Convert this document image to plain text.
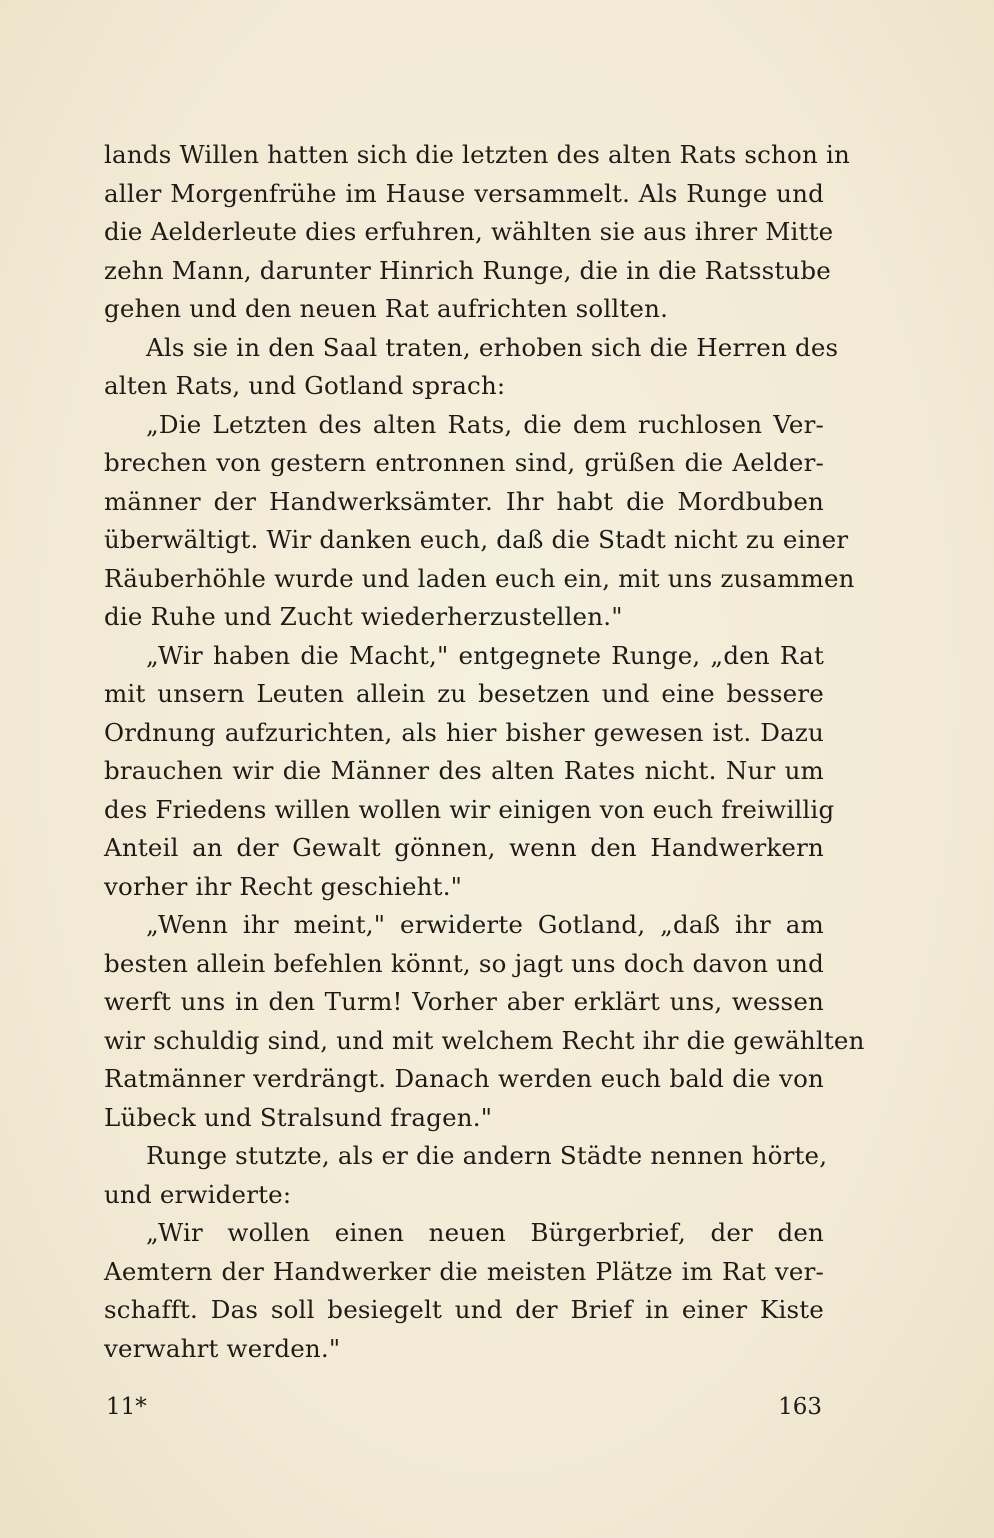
lands Willen hatten sich die letzten des alten Rats schon in
aller Morgenfrühe im Hause versammelt. Als Runge und
die Aelderleute dies erfuhren, wählten sie aus ihrer Mitte
zehn Mann, darunter Hinrich Runge, die in die Ratsstube
gehen und den neuen Rat aufrichten sollten.
Als sie in den Saal traten, erhoben sich die Herren des
alten Rats, und Gotland sprach:
„Die Letzten des alten Rats, die dem ruchlosen Ver-
brechen von gestern entronnen sind, grüßen die Aelder-
männer der Handwerksämter. Ihr habt die Mordbuben
überwältigt. Wir danken euch, daß die Stadt nicht zu einer
Räuberhöhle wurde und laden euch ein, mit uns zusammen
die Ruhe und Zucht wiederherzustellen."
„Wir haben die Macht," entgegnete Runge, „den Rat
mit unsern Leuten allein zu besetzen und eine bessere
Ordnung aufzurichten, als hier bisher gewesen ist. Dazu
brauchen wir die Männer des alten Rates nicht. Nur um
des Friedens willen wollen wir einigen von euch freiwillig
Anteil an der Gewalt gönnen, wenn den Handwerkern
vorher ihr Recht geschieht."
„Wenn ihr meint," erwiderte Gotland, „daß ihr am
besten allein befehlen könnt, so jagt uns doch davon und
werft uns in den Turm! Vorher aber erklärt uns, wessen
wir schuldig sind, und mit welchem Recht ihr die gewählten
Ratmänner verdrängt. Danach werden euch bald die von
Lübeck und Stralsund fragen."
Runge stutzte, als er die andern Städte nennen hörte,
und erwiderte:
„Wir wollen einen neuen Bürgerbrief, der den
Aemtern der Handwerker die meisten Plätze im Rat ver-
schafft. Das soll besiegelt und der Brief in einer Kiste
verwahrt werden."
11*	163
